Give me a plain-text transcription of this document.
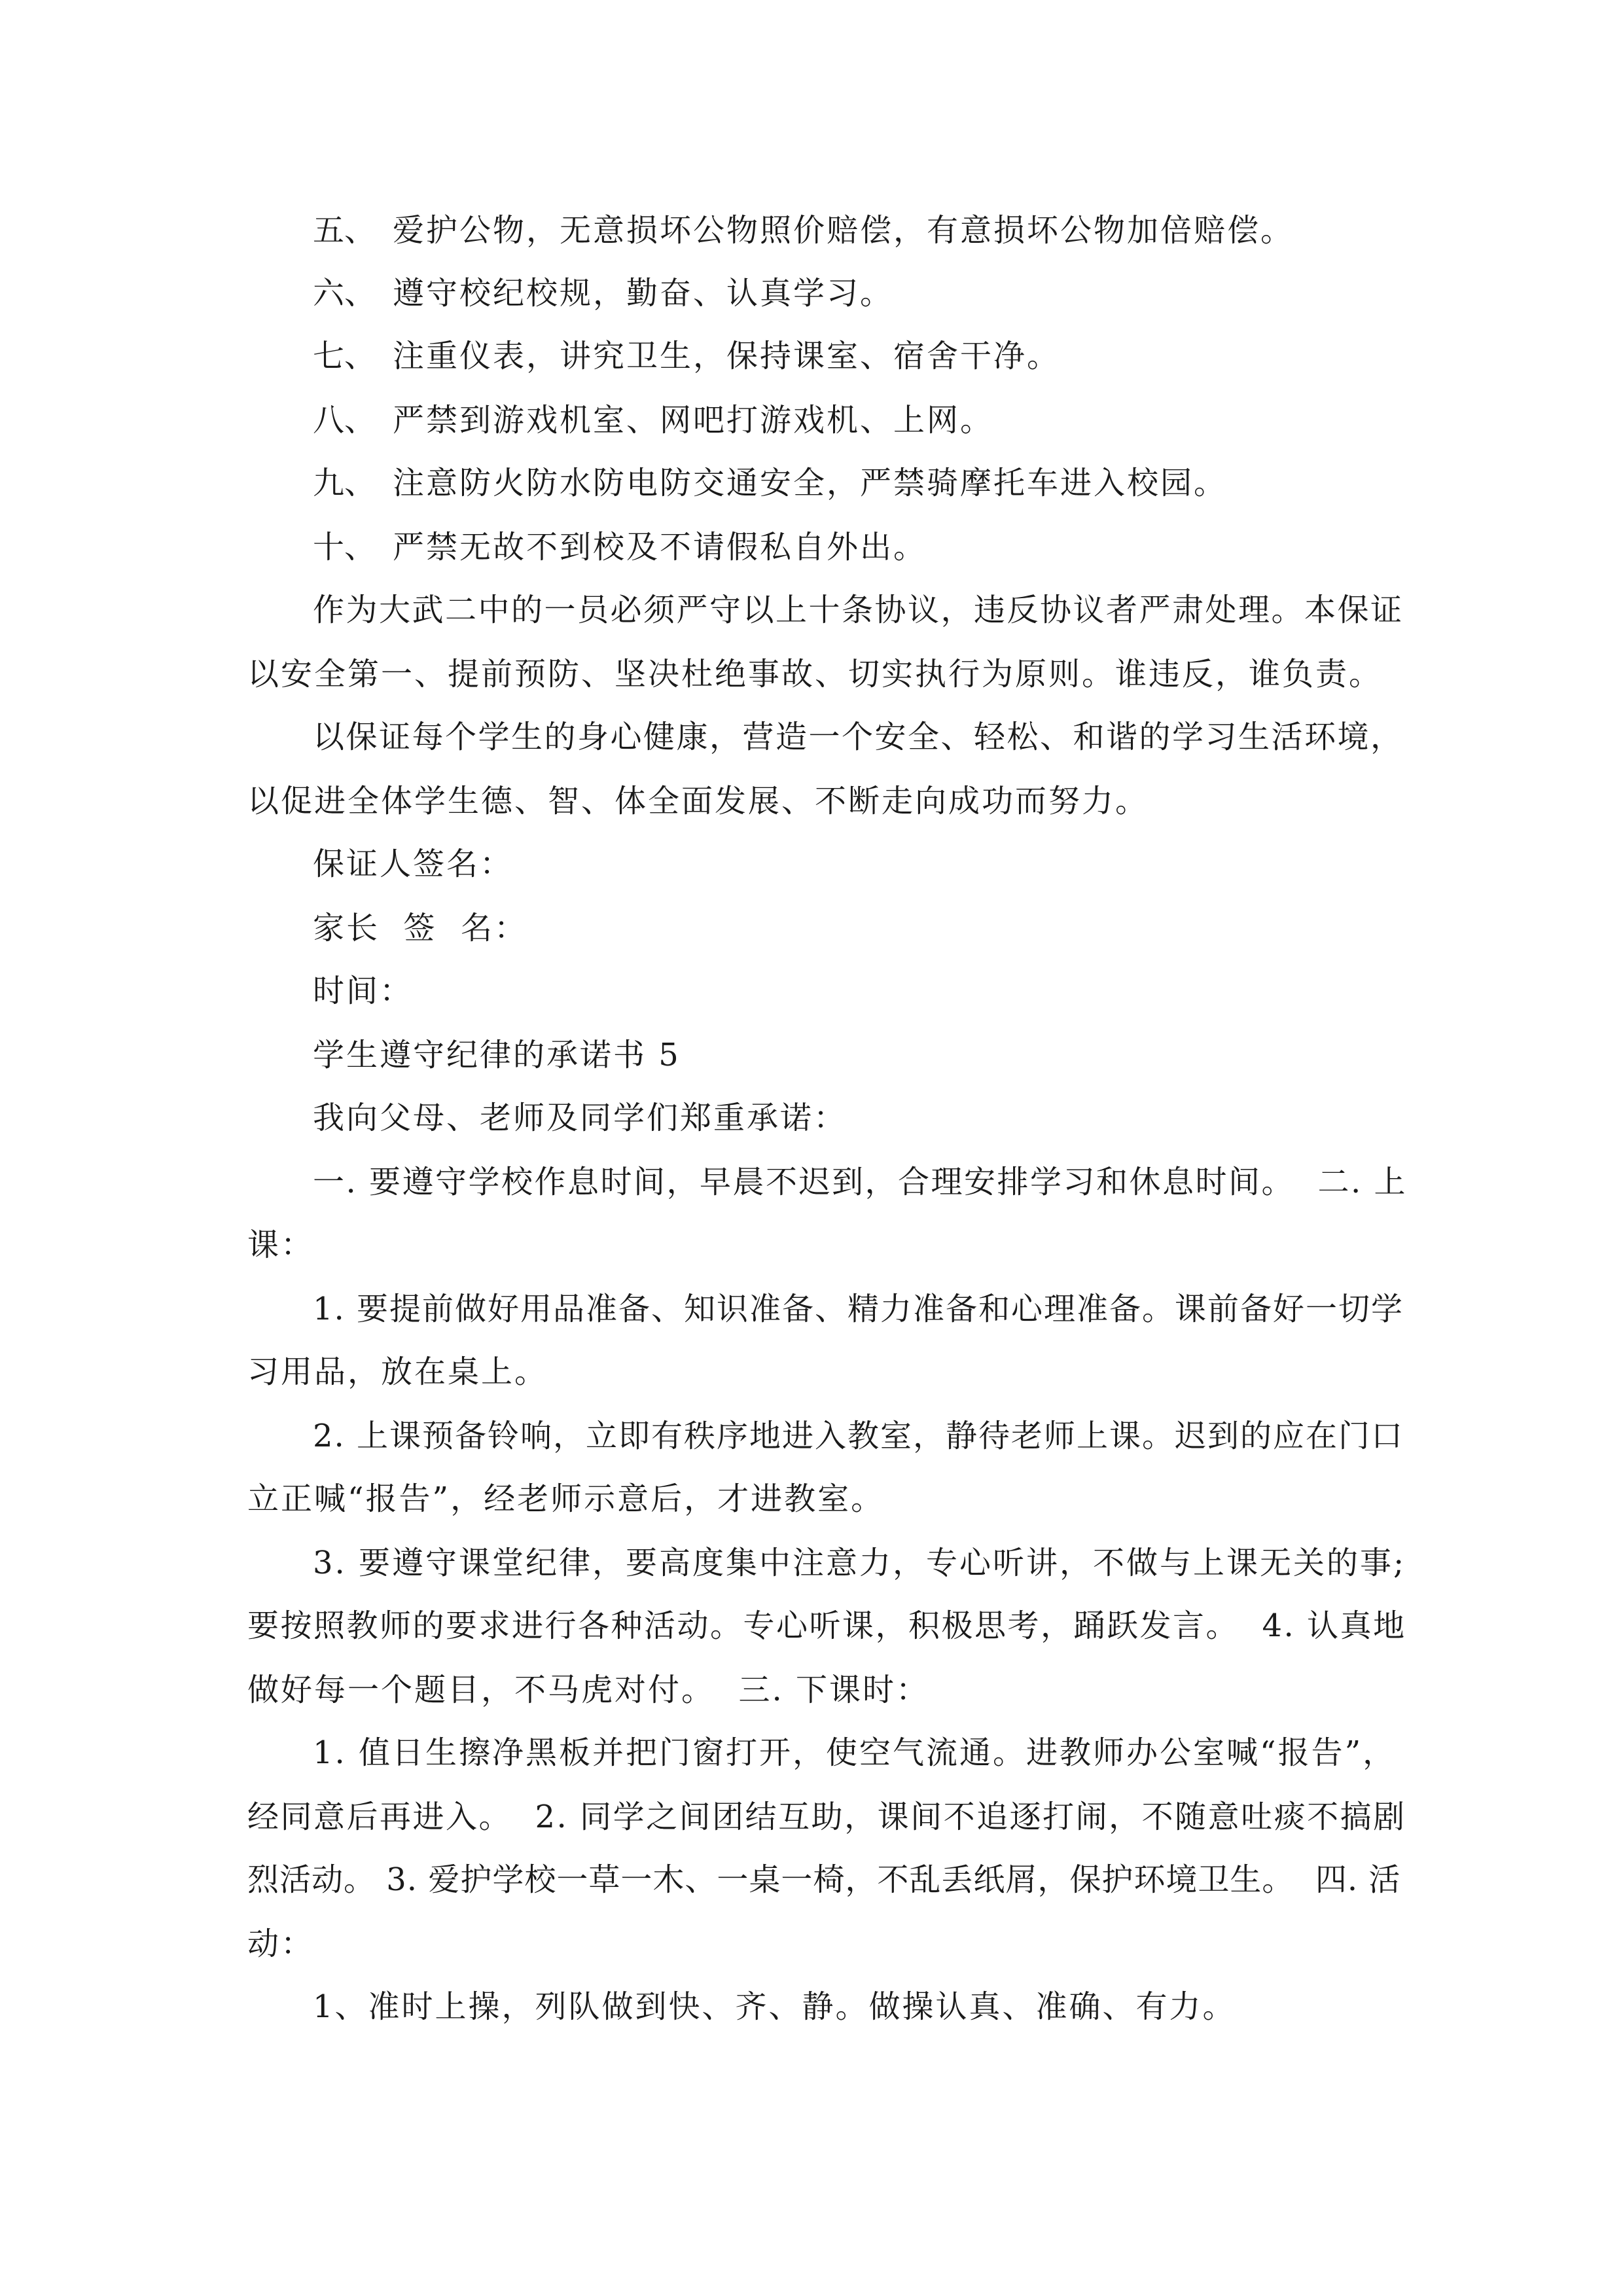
五、 爱护公物，无意损坏公物照价赔偿，有意损坏公物加倍赔偿。
六、 遵守校纪校规，勤奋、认真学习。
七、 注重仪表，讲究卫生，保持课室、宿舍干净。
八、 严禁到游戏机室、网吧打游戏机、上网。
九、 注意防火防水防电防交通安全，严禁骑摩托车进入校园。
十、 严禁无故不到校及不请假私自外出。
作为大武二中的一员必须严守以上十条协议，违反协议者严肃处理。本保证
以安全第一、提前预防、坚决杜绝事故、切实执行为原则。谁违反，谁负责。
以保证每个学生的身心健康，营造一个安全、轻松、和谐的学习生活环境，
以促进全体学生德、智、体全面发展、不断走向成功而努力。
保证人签名：
家长  签  名：
时间：
学生遵守纪律的承诺书 5
我向父母、老师及同学们郑重承诺：
一. 要遵守学校作息时间，早晨不迟到，合理安排学习和休息时间。  二. 上
课：
1. 要提前做好用品准备、知识准备、精力准备和心理准备。课前备好一切学
习用品，放在桌上。
2. 上课预备铃响，立即有秩序地进入教室，静待老师上课。迟到的应在门口
立正喊“报告”，经老师示意后，才进教室。
3. 要遵守课堂纪律，要高度集中注意力，专心听讲，不做与上课无关的事;
要按照教师的要求进行各种活动。专心听课，积极思考，踊跃发言。  4. 认真地
做好每一个题目，不马虎对付。  三. 下课时：
1. 值日生擦净黑板并把门窗打开，使空气流通。进教师办公室喊“报告”，
经同意后再进入。  2. 同学之间团结互助，课间不追逐打闹，不随意吐痰不搞剧
烈活动。 3. 爱护学校一草一木、一桌一椅，不乱丢纸屑，保护环境卫生。  四. 活
动：
1、准时上操，列队做到快、齐、静。做操认真、准确、有力。
